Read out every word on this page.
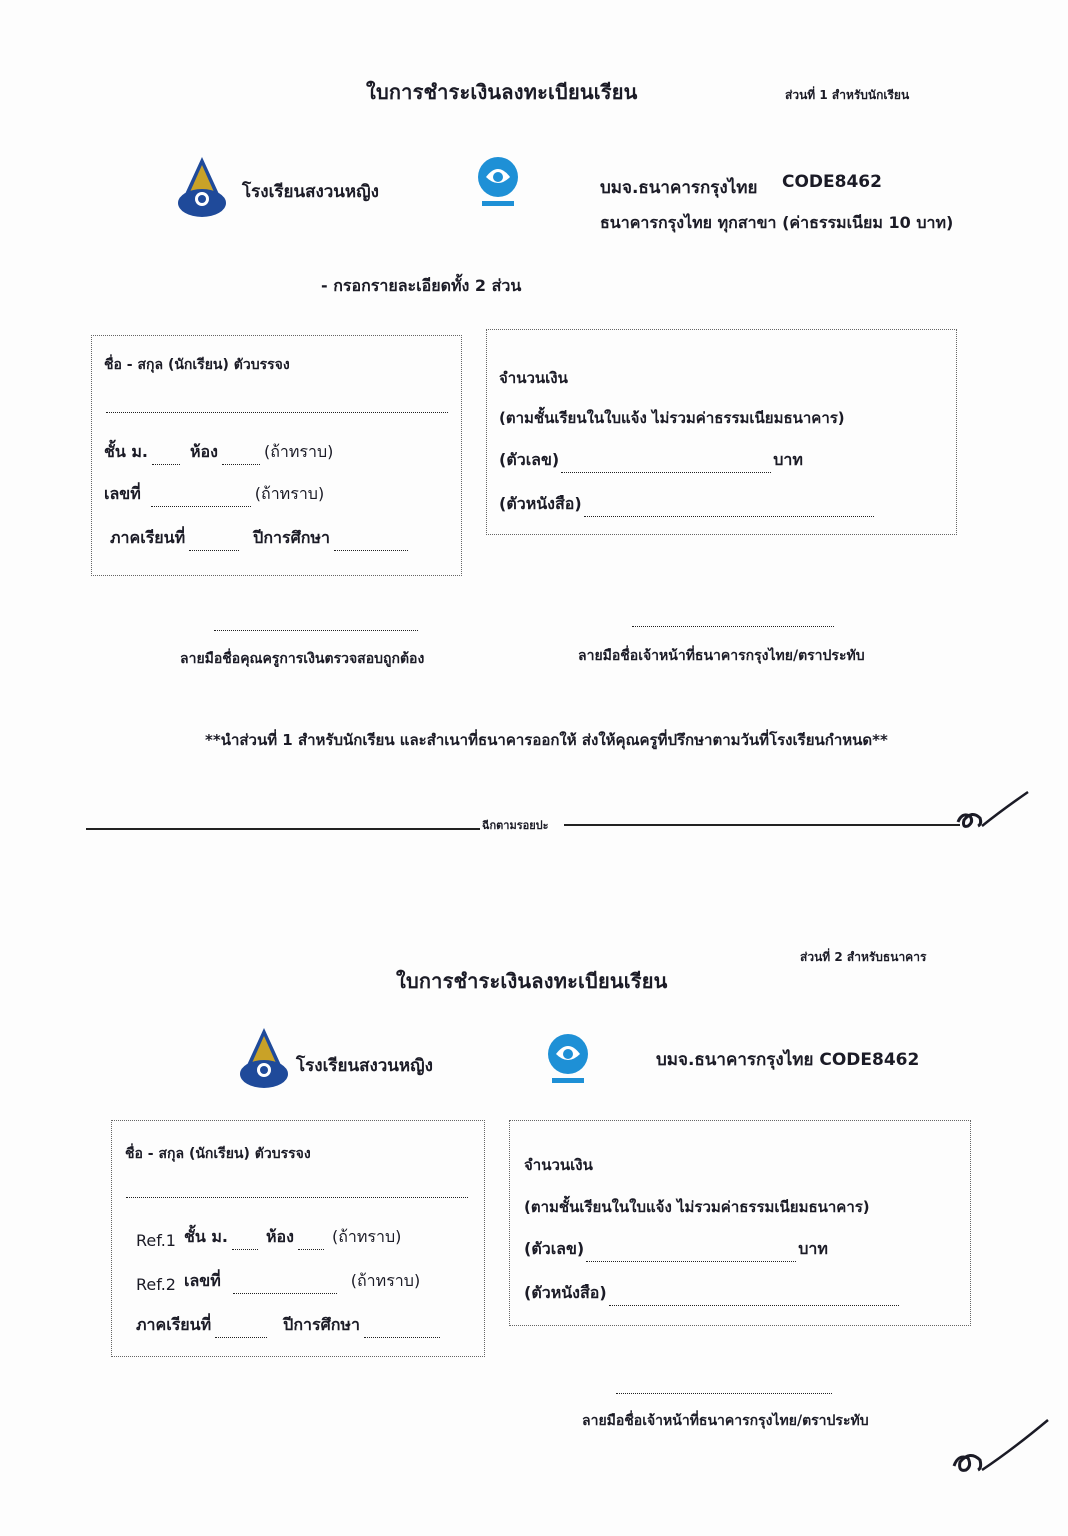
ใบการชำระเงินลงทะเบียนเรียน	ส่วนที่ 1 สำหรับนักเรียน
โรงเรียนสงวนหญิง	บมจ.ธนาคารกรุงไทย CODE8462
ธนาคารกรุงไทย ทุกสาขา (ค่าธรรมเนียม 10 บาท)
- กรอกรายละเอียดทั้ง 2 ส่วน
ชื่อ - สกุล (นักเรียน) ตัวบรรจง
ชั้น ม.	ห้อง	(ถ้าทราบ)
เลขที่	(ถ้าทราบ)
ภาคเรียนที่	ปีการศึกษา
จำนวนเงิน
(ตามชั้นเรียนในใบแจ้ง ไม่รวมค่าธรรมเนียมธนาคาร)
(ตัวเลข)	บาท
(ตัวหนังสือ)
ลายมือชื่อคุณครูการเงินตรวจสอบถูกต้อง	ลายมือชื่อเจ้าหน้าที่ธนาคารกรุงไทย/ตราประทับ
**นำส่วนที่ 1 สำหรับนักเรียน และสำเนาที่ธนาคารออกให้ ส่งให้คุณครูที่ปรึกษาตามวันที่โรงเรียนกำหนด**
ฉีกตามรอยปะ
ส่วนที่ 2 สำหรับธนาคาร
ใบการชำระเงินลงทะเบียนเรียน
โรงเรียนสงวนหญิง	บมจ.ธนาคารกรุงไทย CODE8462
ชื่อ - สกุล (นักเรียน) ตัวบรรจง
Ref.1 ชั้น ม. ห้อง (ถ้าทราบ)
Ref.2 เลขที่	(ถ้าทราบ)
ภาคเรียนที่	ปีการศึกษา
จำนวนเงิน
(ตามชั้นเรียนในใบแจ้ง ไม่รวมค่าธรรมเนียมธนาคาร)
(ตัวเลข)	บาท
(ตัวหนังสือ)
ลายมือชื่อเจ้าหน้าที่ธนาคารกรุงไทย/ตราประทับ
